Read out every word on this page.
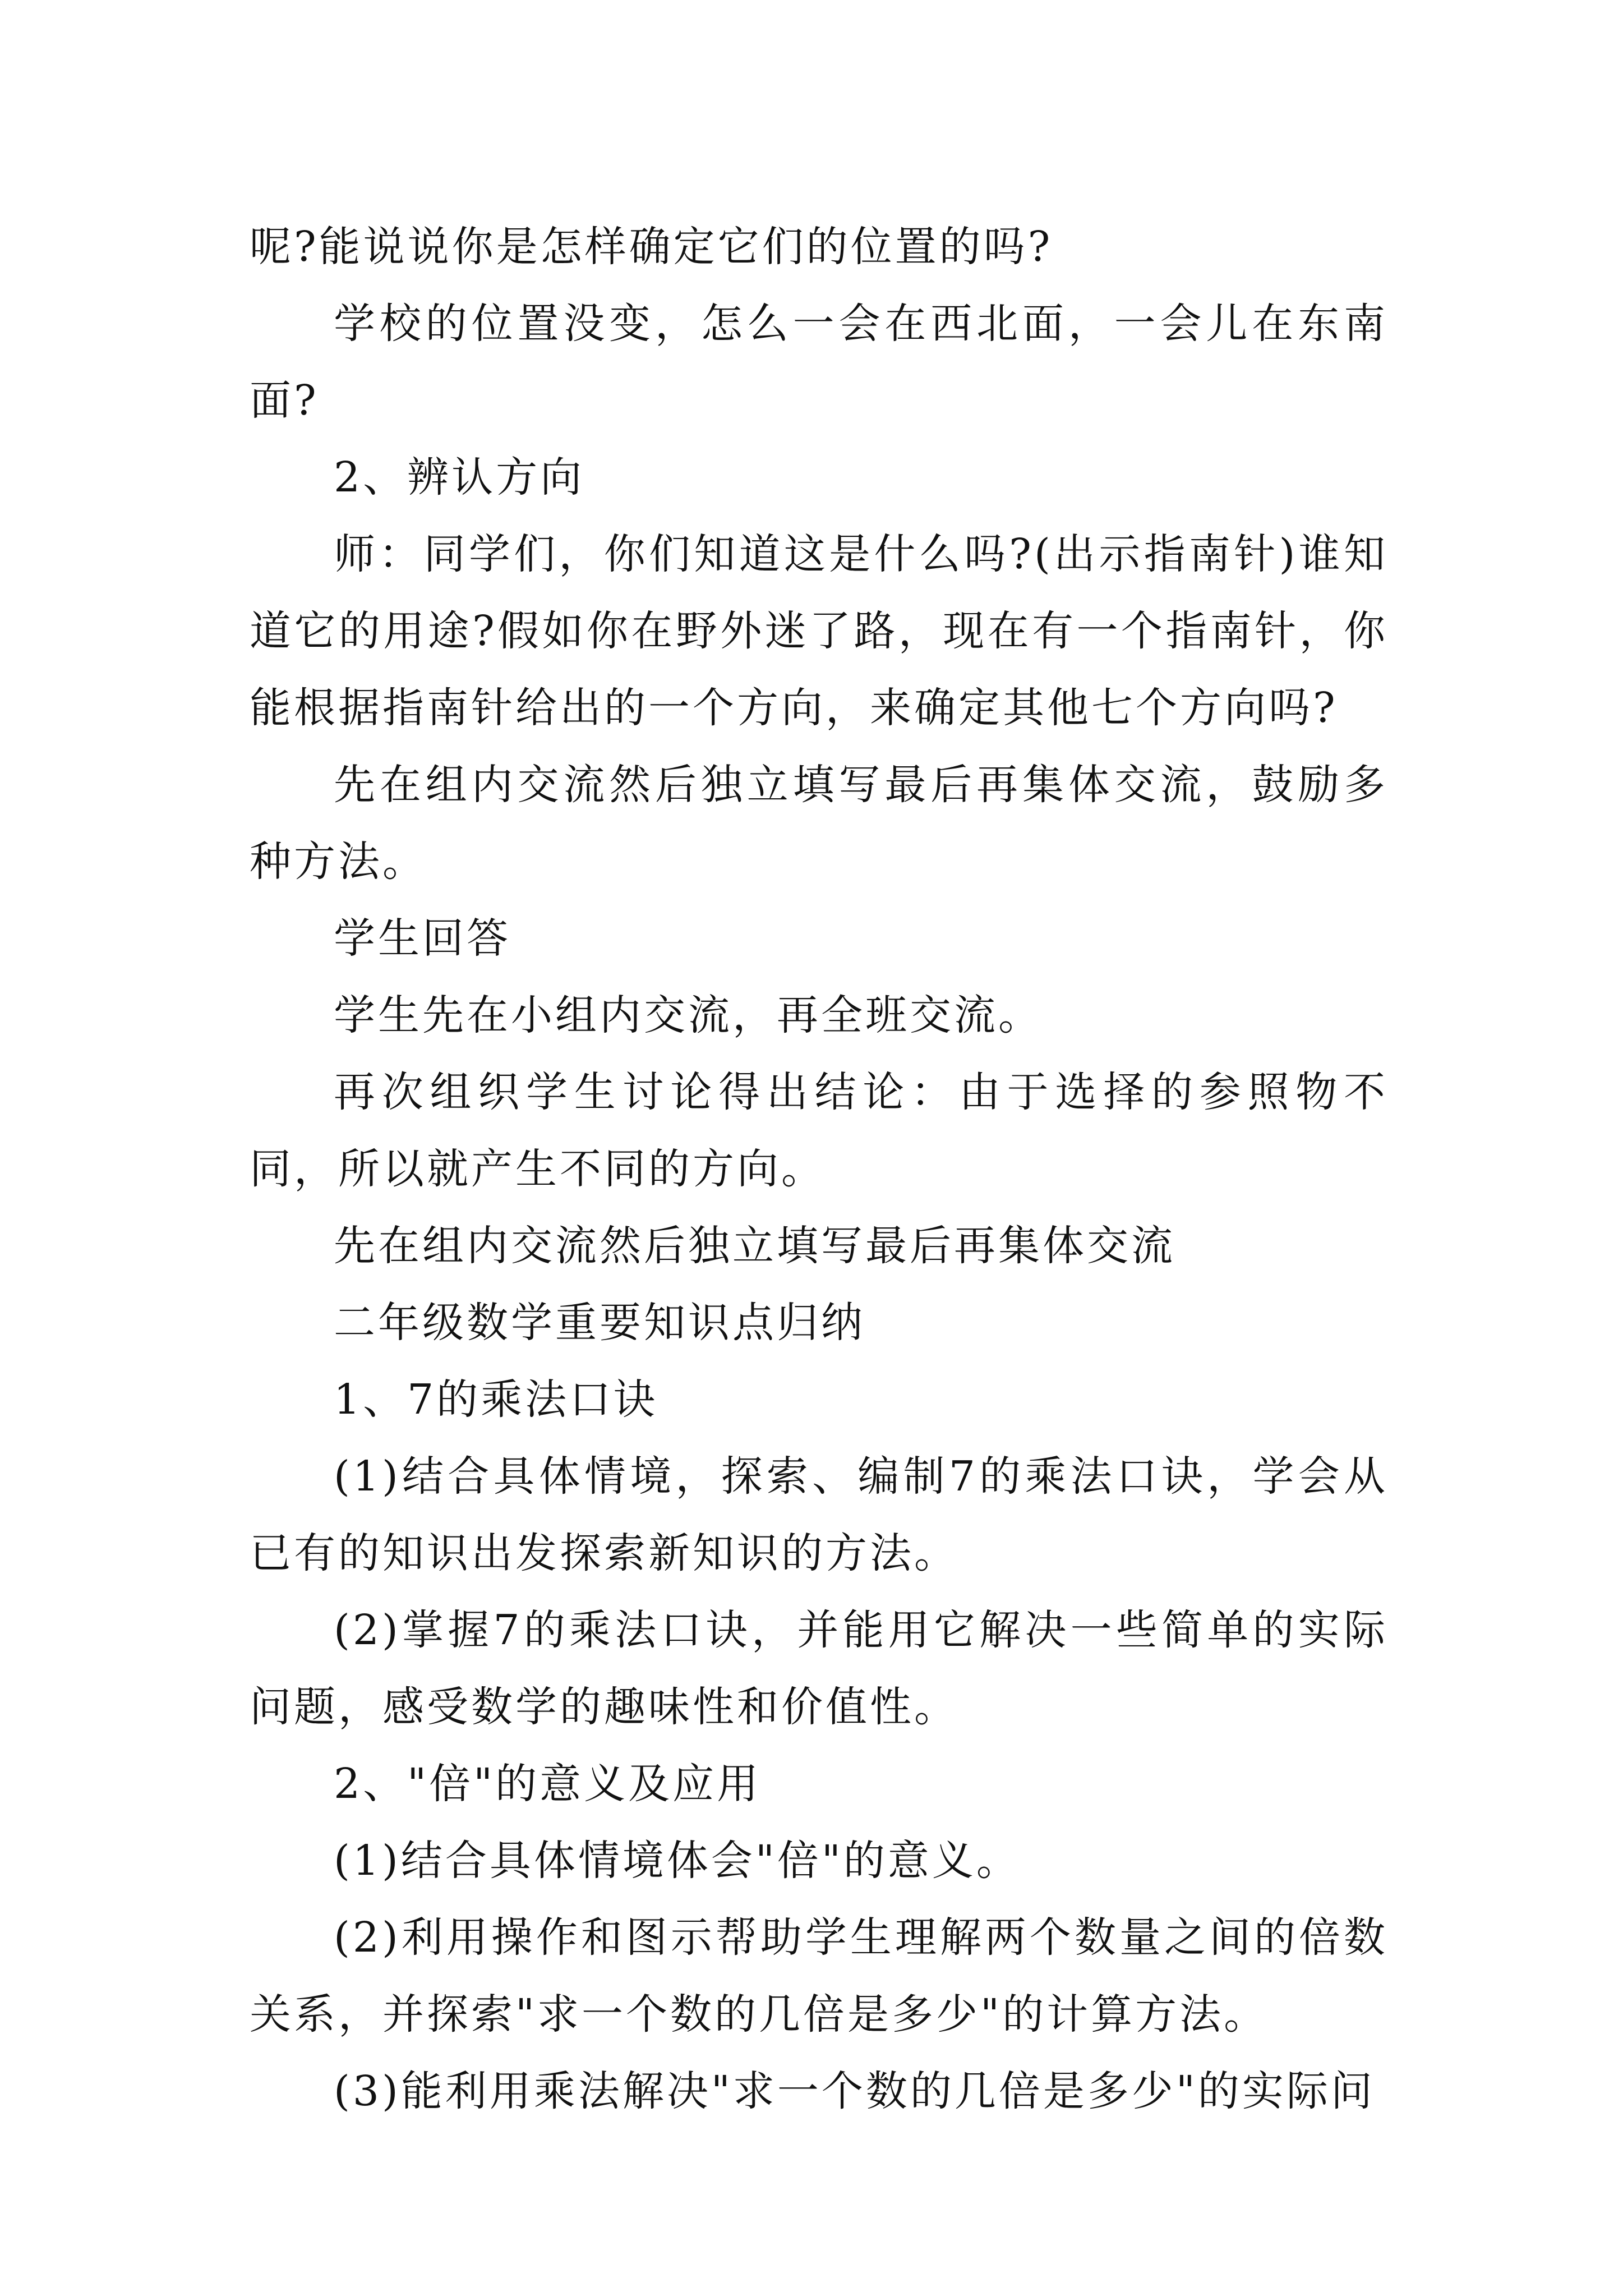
呢?能说说你是怎样确定它们的位置的吗?

学校的位置没变，怎么一会在西北面，一会儿在东南面?

2、辨认方向

师：同学们，你们知道这是什么吗?(出示指南针)谁知道它的用途?假如你在野外迷了路，现在有一个指南针，你能根据指南针给出的一个方向，来确定其他七个方向吗?

先在组内交流然后独立填写最后再集体交流，鼓励多种方法。

学生回答

学生先在小组内交流，再全班交流。

再次组织学生讨论得出结论：由于选择的参照物不同，所以就产生不同的方向。

先在组内交流然后独立填写最后再集体交流

二年级数学重要知识点归纳

1、7的乘法口诀

(1)结合具体情境，探索、编制7的乘法口诀，学会从已有的知识出发探索新知识的方法。

(2)掌握7的乘法口诀，并能用它解决一些简单的实际问题，感受数学的趣味性和价值性。

2、"倍"的意义及应用

(1)结合具体情境体会"倍"的意义。

(2)利用操作和图示帮助学生理解两个数量之间的倍数关系，并探索"求一个数的几倍是多少"的计算方法。

(3)能利用乘法解决"求一个数的几倍是多少"的实际问
